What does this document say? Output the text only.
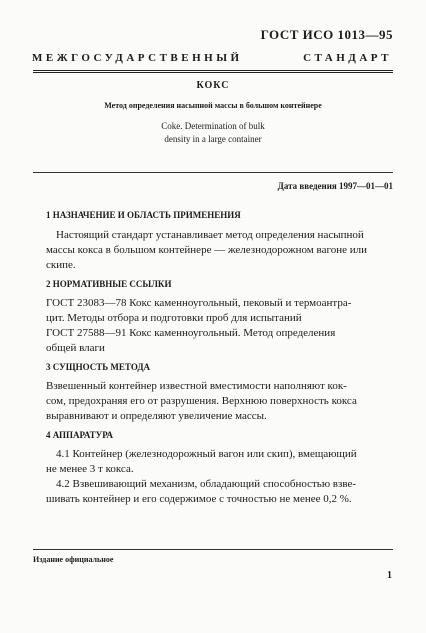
ГОСТ ИСО 1013—95
МЕЖГОСУДАРСТВЕННЫЙ	СТАНДАРТ
КОКС
Метод определения насыпной массы в большом контейнере
Coke. Determination of bulk
density in a large container
Дата введения 1997—01—01
1 НАЗНАЧЕНИЕ И ОБЛАСТЬ ПРИМЕНЕНИЯ
Настоящий стандарт устанавливает метод определения насыпной
массы кокса в большом контейнере — железнодорожном вагоне или
скипе.
2 НОРМАТИВНЫЕ ССЫЛКИ
ГОСТ 23083—78 Кокс каменноугольный, пековый и термоантра-
цит. Методы отбора и подготовки проб для испытаний
ГОСТ 27588—91 Кокс каменноугольный. Метод определения
общей влаги
3 СУЩНОСТЬ МЕТОДА
Взвешенный контейнер известной вместимости наполняют кок-
сом, предохраняя его от разрушения. Верхнюю поверхность кокса
выравнивают и определяют увеличение массы.
4 АППАРАТУРА
4.1 Контейнер (железнодорожный вагон или скип), вмещающий
не менее 3 т кокса.
4.2 Взвешивающий механизм, обладающий способностью взве-
шивать контейнер и его содержимое с точностью не менее 0,2 %.
Издание официальное
1
